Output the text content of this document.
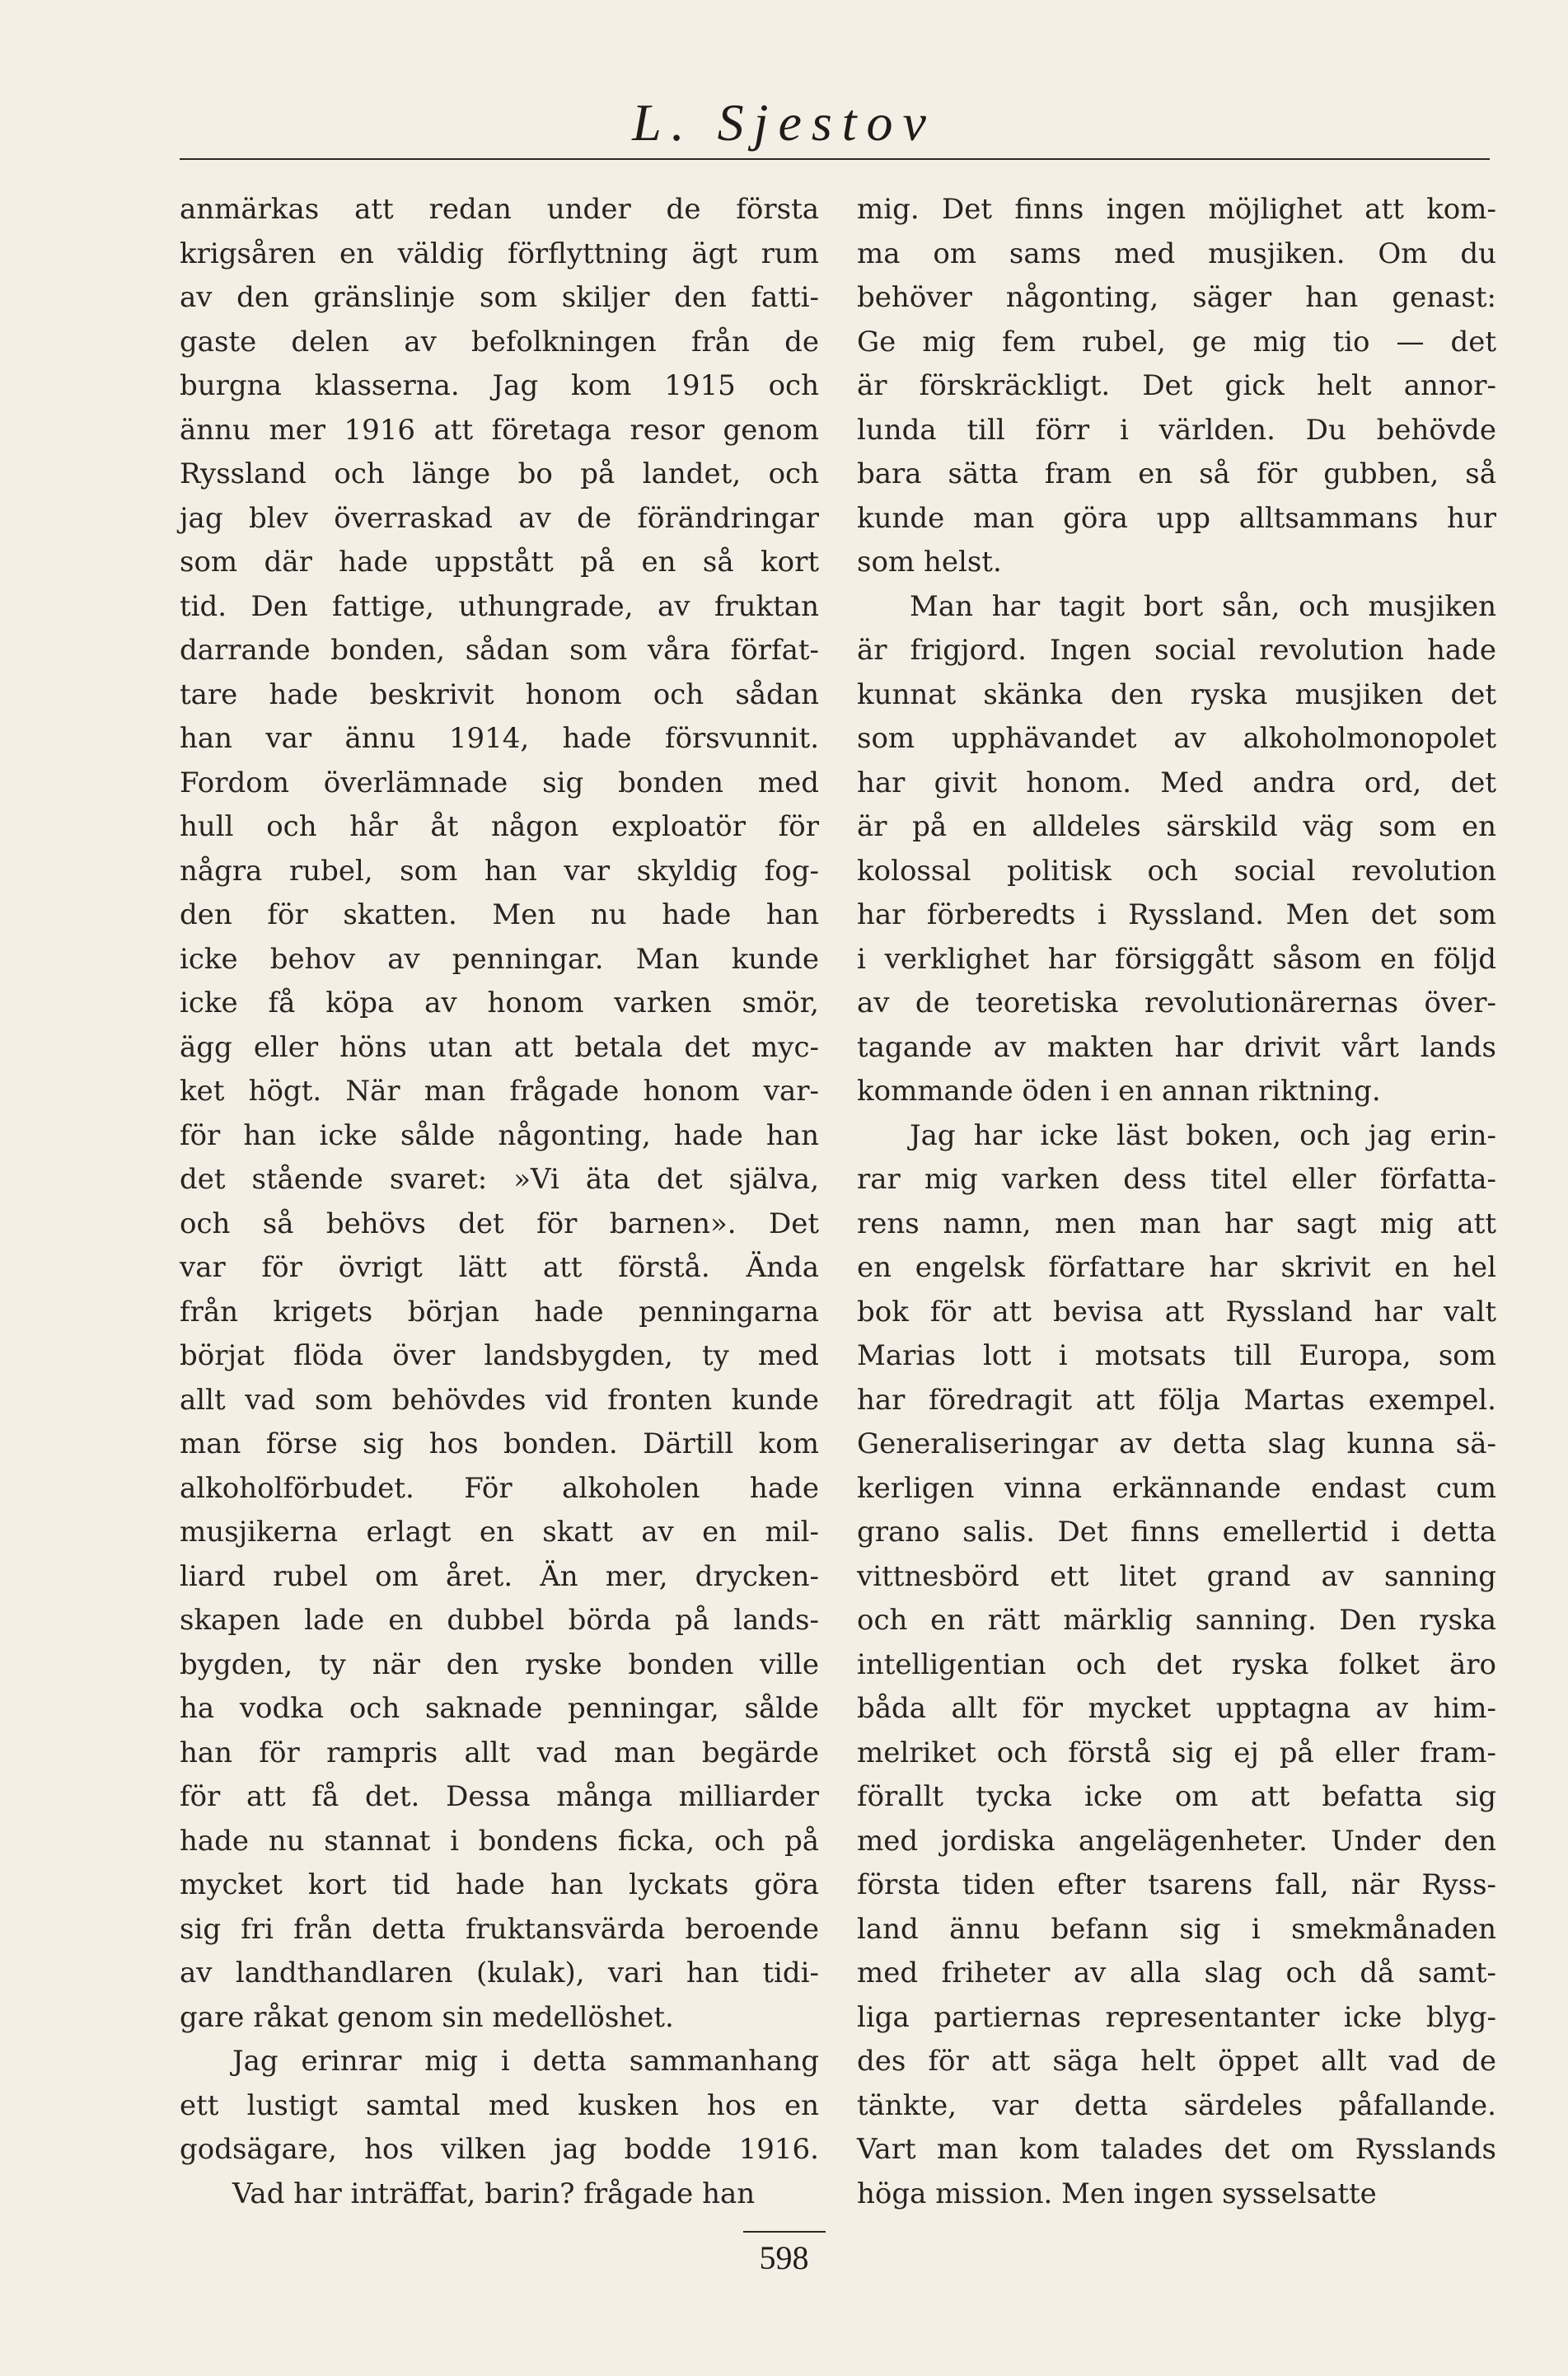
L. Sjestov
anmärkas att redan under de första
krigsåren en väldig förflyttning ägt rum
av den gränslinje som skiljer den fatti-
gaste delen av befolkningen från de
burgna klasserna. Jag kom 1915 och
ännu mer 1916 att företaga resor genom
Ryssland och länge bo på landet, och
jag blev överraskad av de förändringar
som där hade uppstått på en så kort
tid. Den fattige, uthungrade, av fruktan
darrande bonden, sådan som våra förfat-
tare hade beskrivit honom och sådan
han var ännu 1914, hade försvunnit.
Fordom överlämnade sig bonden med
hull och hår åt någon exploatör för
några rubel, som han var skyldig fog-
den för skatten. Men nu hade han
icke behov av penningar. Man kunde
icke få köpa av honom varken smör,
ägg eller höns utan att betala det myc-
ket högt. När man frågade honom var-
för han icke sålde någonting, hade han
det stående svaret: »Vi äta det själva,
och så behövs det för barnen». Det
var för övrigt lätt att förstå. Ända
från krigets början hade penningarna
börjat flöda över landsbygden, ty med
allt vad som behövdes vid fronten kunde
man förse sig hos bonden. Därtill kom
alkoholförbudet. För alkoholen hade
musjikerna erlagt en skatt av en mil-
liard rubel om året. Än mer, drycken-
skapen lade en dubbel börda på lands-
bygden, ty när den ryske bonden ville
ha vodka och saknade penningar, sålde
han för rampris allt vad man begärde
för att få det. Dessa många milliarder
hade nu stannat i bondens ficka, och på
mycket kort tid hade han lyckats göra
sig fri från detta fruktansvärda beroende
av landthandlaren (kulak), vari han tidi-
gare råkat genom sin medellöshet.
Jag erinrar mig i detta sammanhang
ett lustigt samtal med kusken hos en
godsägare, hos vilken jag bodde 1916.
Vad har inträffat, barin? frågade han
mig. Det finns ingen möjlighet att kom-
ma om sams med musjiken. Om du
behöver någonting, säger han genast:
Ge mig fem rubel, ge mig tio — det
är förskräckligt. Det gick helt annor-
lunda till förr i världen. Du behövde
bara sätta fram en så för gubben, så
kunde man göra upp alltsammans hur
som helst.
Man har tagit bort sån, och musjiken
är frigjord. Ingen social revolution hade
kunnat skänka den ryska musjiken det
som upphävandet av alkoholmonopolet
har givit honom. Med andra ord, det
är på en alldeles särskild väg som en
kolossal politisk och social revolution
har förberedts i Ryssland. Men det som
i verklighet har försiggått såsom en följd
av de teoretiska revolutionärernas över-
tagande av makten har drivit vårt lands
kommande öden i en annan riktning.
Jag har icke läst boken, och jag erin-
rar mig varken dess titel eller författa-
rens namn, men man har sagt mig att
en engelsk författare har skrivit en hel
bok för att bevisa att Ryssland har valt
Marias lott i motsats till Europa, som
har föredragit att följa Martas exempel.
Generaliseringar av detta slag kunna sä-
kerligen vinna erkännande endast cum
grano salis. Det finns emellertid i detta
vittnesbörd ett litet grand av sanning
och en rätt märklig sanning. Den ryska
intelligentian och det ryska folket äro
båda allt för mycket upptagna av him-
melriket och förstå sig ej på eller fram-
förallt tycka icke om att befatta sig
med jordiska angelägenheter. Under den
första tiden efter tsarens fall, när Ryss-
land ännu befann sig i smekmånaden
med friheter av alla slag och då samt-
liga partiernas representanter icke blyg-
des för att säga helt öppet allt vad de
tänkte, var detta särdeles påfallande.
Vart man kom talades det om Rysslands
höga mission. Men ingen sysselsatte
598
